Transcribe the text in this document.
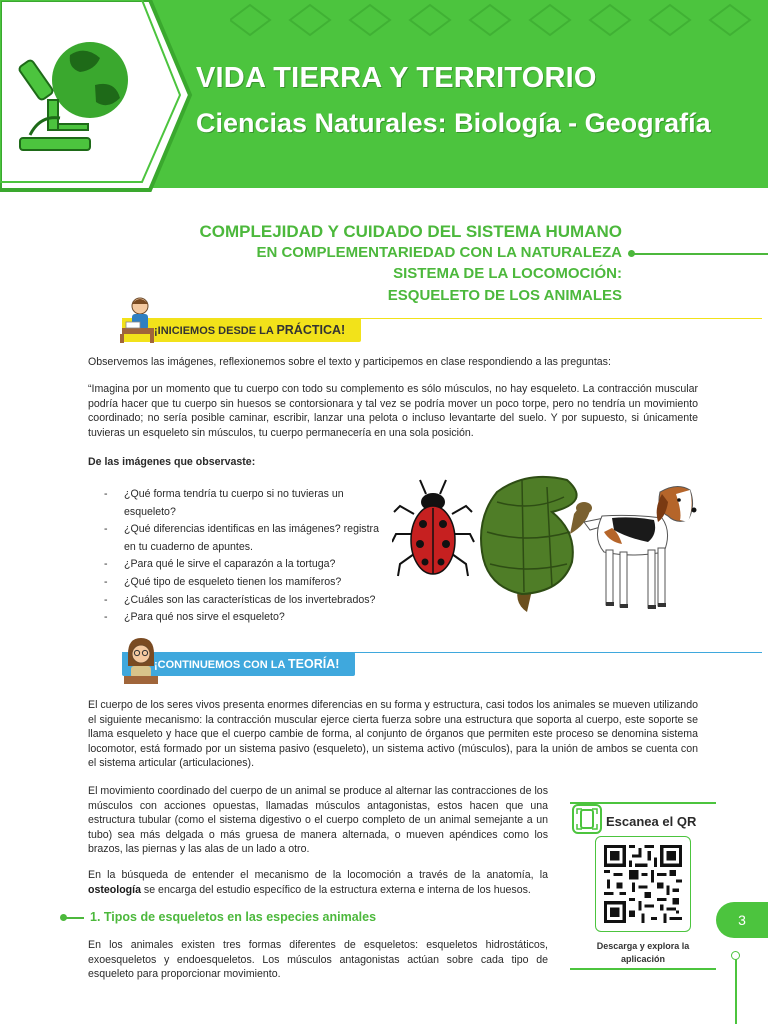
VIDA TIERRA Y TERRITORIO
Ciencias Naturales: Biología - Geografía
COMPLEJIDAD Y CUIDADO DEL SISTEMA HUMANO
EN COMPLEMENTARIEDAD CON LA NATURALEZA
SISTEMA DE LA LOCOMOCIÓN:
ESQUELETO DE LOS ANIMALES
¡INICIEMOS DESDE LA PRÁCTICA!
Observemos las imágenes, reflexionemos sobre el texto y participemos en clase respondiendo a las preguntas:
“Imagina por un momento que tu cuerpo con todo su complemento es sólo músculos, no hay esqueleto. La contracción muscular podría hacer que tu cuerpo sin huesos se contorsionara y tal vez se podría mover un poco torpe, pero no tendría un movimiento coordinado; no sería posible caminar, escribir, lanzar una pelota o incluso levantarte del suelo. Y por supuesto, si únicamente tuvieras un esqueleto sin músculos, tu cuerpo permanecería en una sola posición.
De las imágenes que observaste:
- ¿Qué forma tendría tu cuerpo si no tuvieras un esqueleto?
- ¿Qué diferencias identificas en las imágenes? registra en tu cuaderno de apuntes.
- ¿Para qué le sirve el caparazón a la tortuga?
- ¿Qué tipo de esqueleto tienen los mamíferos?
- ¿Cuáles son las características de los invertebrados?
- ¿Para qué nos sirve el esqueleto?
¡CONTINUEMOS CON LA TEORÍA!
El cuerpo de los seres vivos presenta enormes diferencias en su forma y estructura, casi todos los animales se mueven utilizando el siguiente mecanismo: la contracción muscular ejerce cierta fuerza sobre una estructura que soporta al cuerpo, este soporte se llama esqueleto y hace que el cuerpo cambie de forma, al conjunto de órganos que permiten este proceso se denomina sistema locomotor, está formado por un sistema pasivo (esqueleto), un sistema activo (músculos), para la unión de ambos se cuenta con el sistema articular (articulaciones).
El movimiento coordinado del cuerpo de un animal se produce al alternar las contracciones de los músculos con acciones opuestas, llamadas músculos antagonistas, estos hacen que una estructura tubular (como el sistema digestivo o el cuerpo completo de un animal semejante a un tubo) sea más delgada o más gruesa de manera alternada, o mueven apéndices como los brazos, las piernas y las alas de un lado a otro.
En la búsqueda de entender el mecanismo de la locomoción a través de la anatomía, la osteología se encarga del estudio específico de la estructura externa e interna de los huesos.
1. Tipos de esqueletos en las especies animales
En los animales existen tres formas diferentes de esqueletos: esqueletos hidrostáticos, exoesqueletos y endoesqueletos. Los músculos antagonistas actúan sobre cada tipo de esqueleto para proporcionar movimiento.
Escanea el QR
Descarga y explora la
aplicación
3
